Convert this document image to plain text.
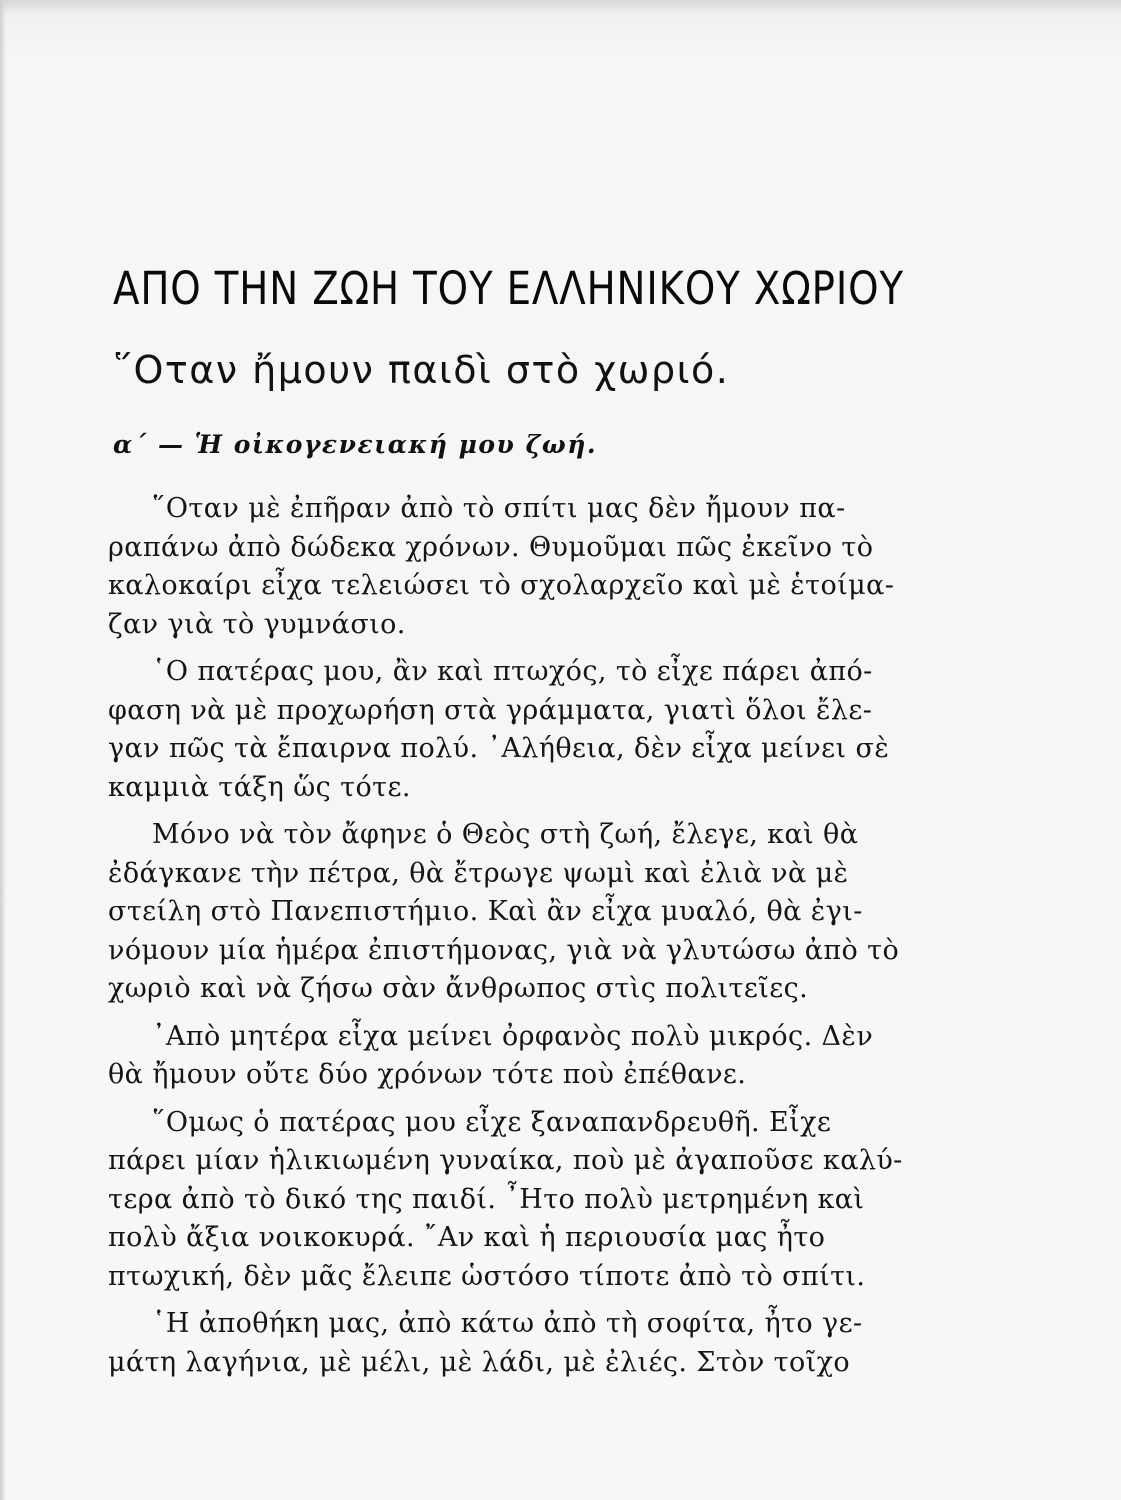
ΑΠΟ ΤΗΝ ΖΩΗ ΤΟΥ ΕΛΛΗΝΙΚΟΥ ΧΩΡΙΟΥ
῞Οταν ἤμουν παιδὶ στὸ χωριό.
α΄ — Ἡ οἰκογενειακή μου ζωή.
῞Οταν μὲ ἐπῆραν ἀπὸ τὸ σπίτι μας δὲν ἤμουν πα-
ραπάνω ἀπὸ δώδεκα χρόνων. Θυμοῦμαι πῶς ἐκεῖνο τὸ
καλοκαίρι εἶχα τελειώσει τὸ σχολαρχεῖο καὶ μὲ ἑτοίμα-
ζαν γιὰ τὸ γυμνάσιο.
῾Ο πατέρας μου, ἂν καὶ πτωχός, τὸ εἶχε πάρει ἀπό-
φαση νὰ μὲ προχωρήση στὰ γράμματα, γιατὶ ὅλοι ἔλε-
γαν πῶς τὰ ἔπαιρνα πολύ. ᾿Αλήθεια, δὲν εἶχα μείνει σὲ
καμμιὰ τάξη ὥς τότε.
Μόνο νὰ τὸν ἄφηνε ὁ Θεὸς στὴ ζωή, ἔλεγε, καὶ θὰ
ἐδάγκανε τὴν πέτρα, θὰ ἔτρωγε ψωμὶ καὶ ἐλιὰ νὰ μὲ
στείλη στὸ Πανεπιστήμιο. Καὶ ἂν εἶχα μυαλό, θὰ ἐγι-
νόμουν μία ἡμέρα ἐπιστήμονας, γιὰ νὰ γλυτώσω ἀπὸ τὸ
χωριὸ καὶ νὰ ζήσω σὰν ἄνθρωπος στὶς πολιτεῖες.
᾿Απὸ μητέρα εἶχα μείνει ὀρφανὸς πολὺ μικρός. Δὲν
θὰ ἤμουν οὔτε δύο χρόνων τότε ποὺ ἐπέθανε.
῞Ομως ὁ πατέρας μου εἶχε ξαναπανδρευθῆ. Εἶχε
πάρει μίαν ἡλικιωμένη γυναίκα, ποὺ μὲ ἀγαποῦσε καλύ-
τερα ἀπὸ τὸ δικό της παιδί. ῏Ητο πολὺ μετρημένη καὶ
πολὺ ἄξια νοικοκυρά. ῎Αν καὶ ἡ περιουσία μας ἦτο
πτωχική, δὲν μᾶς ἔλειπε ὡστόσο τίποτε ἀπὸ τὸ σπίτι.
῾Η ἀποθήκη μας, ἀπὸ κάτω ἀπὸ τὴ σοφίτα, ἦτο γε-
μάτη λαγήνια, μὲ μέλι, μὲ λάδι, μὲ ἐλιές. Στὸν τοῖχο
